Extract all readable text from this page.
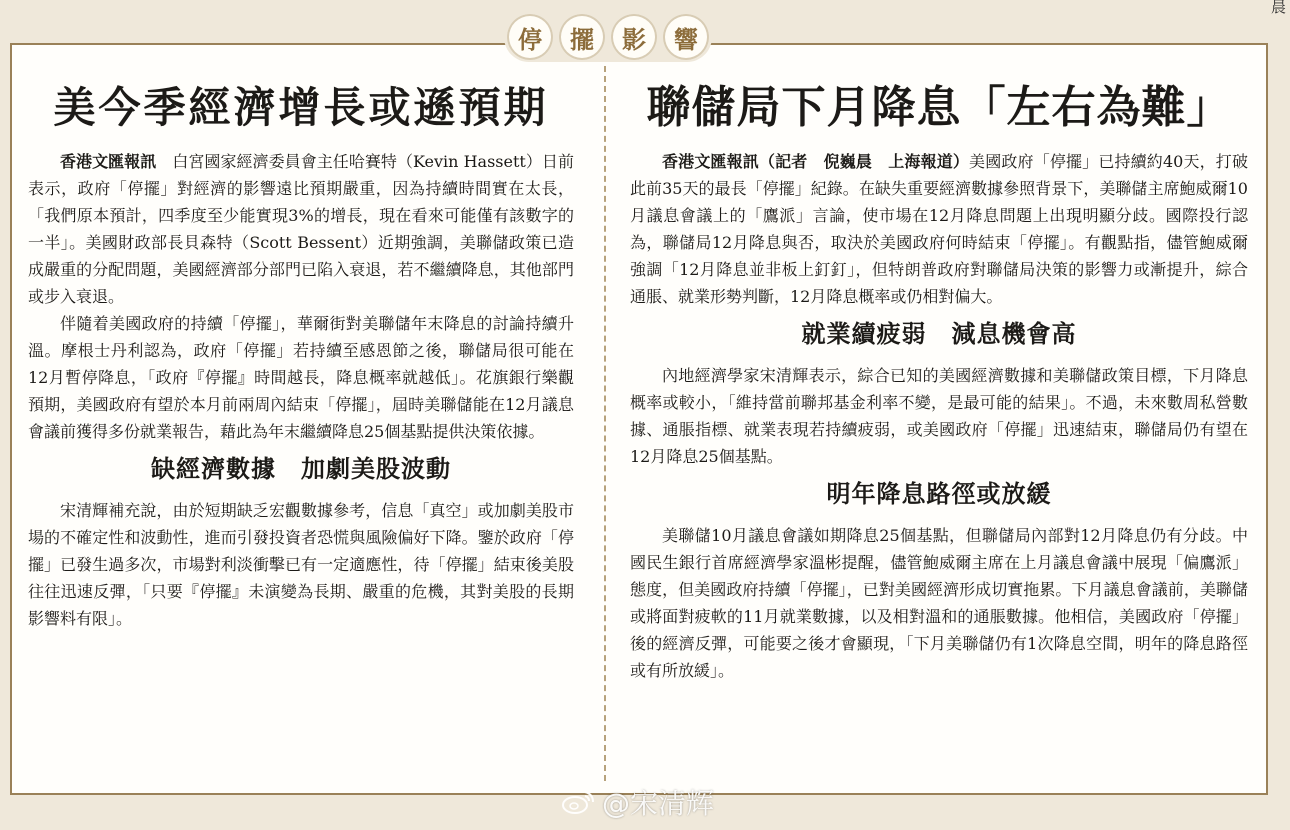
晨
停	擺	影	響
美今季經濟增長或遜預期

香港文匯報訊　白宮國家經濟委員會主任哈賽特（Kevin Hassett）日前表示，政府「停擺」對經濟的影響遠比預期嚴重，因為持續時間實在太長，「我們原本預計，四季度至少能實現3%的增長，現在看來可能僅有該數字的一半」。美國財政部長貝森特（Scott Bessent）近期強調，美聯儲政策已造成嚴重的分配問題，美國經濟部分部門已陷入衰退，若不繼續降息，其他部門或步入衰退。

伴隨着美國政府的持續「停擺」，華爾街對美聯儲年末降息的討論持續升溫。摩根士丹利認為，政府「停擺」若持續至感恩節之後，聯儲局很可能在12月暫停降息，「政府『停擺』時間越長，降息概率就越低」。花旗銀行樂觀預期，美國政府有望於本月前兩周內結束「停擺」，屆時美聯儲能在12月議息會議前獲得多份就業報告，藉此為年末繼續降息25個基點提供決策依據。

缺經濟數據　加劇美股波動

宋清輝補充說，由於短期缺乏宏觀數據參考，信息「真空」或加劇美股市場的不確定性和波動性，進而引發投資者恐慌與風險偏好下降。鑒於政府「停擺」已發生過多次，市場對利淡衝擊已有一定適應性，待「停擺」結束後美股往往迅速反彈，「只要『停擺』未演變為長期、嚴重的危機，其對美股的長期影響料有限」。

聯儲局下月降息「左右為難」

香港文匯報訊（記者　倪巍晨　上海報道）美國政府「停擺」已持續約40天，打破此前35天的最長「停擺」紀錄。在缺失重要經濟數據參照背景下，美聯儲主席鮑威爾10月議息會議上的「鷹派」言論，使市場在12月降息問題上出現明顯分歧。國際投行認為，聯儲局12月降息與否，取決於美國政府何時結束「停擺」。有觀點指，儘管鮑威爾強調「12月降息並非板上釘釘」，但特朗普政府對聯儲局決策的影響力或漸提升，綜合通脹、就業形勢判斷，12月降息概率或仍相對偏大。

就業續疲弱　減息機會高

內地經濟學家宋清輝表示，綜合已知的美國經濟數據和美聯儲政策目標，下月降息概率或較小，「維持當前聯邦基金利率不變，是最可能的結果」。不過，未來數周私營數據、通脹指標、就業表現若持續疲弱，或美國政府「停擺」迅速結束，聯儲局仍有望在12月降息25個基點。

明年降息路徑或放緩

美聯儲10月議息會議如期降息25個基點，但聯儲局內部對12月降息仍有分歧。中國民生銀行首席經濟學家溫彬提醒，儘管鮑威爾主席在上月議息會議中展現「偏鷹派」態度，但美國政府持續「停擺」，已對美國經濟形成切實拖累。下月議息會議前，美聯儲或將面對疲軟的11月就業數據，以及相對溫和的通脹數據。他相信，美國政府「停擺」後的經濟反彈，可能要之後才會顯現，「下月美聯儲仍有1次降息空間，明年的降息路徑或有所放緩」。

@宋清辉
